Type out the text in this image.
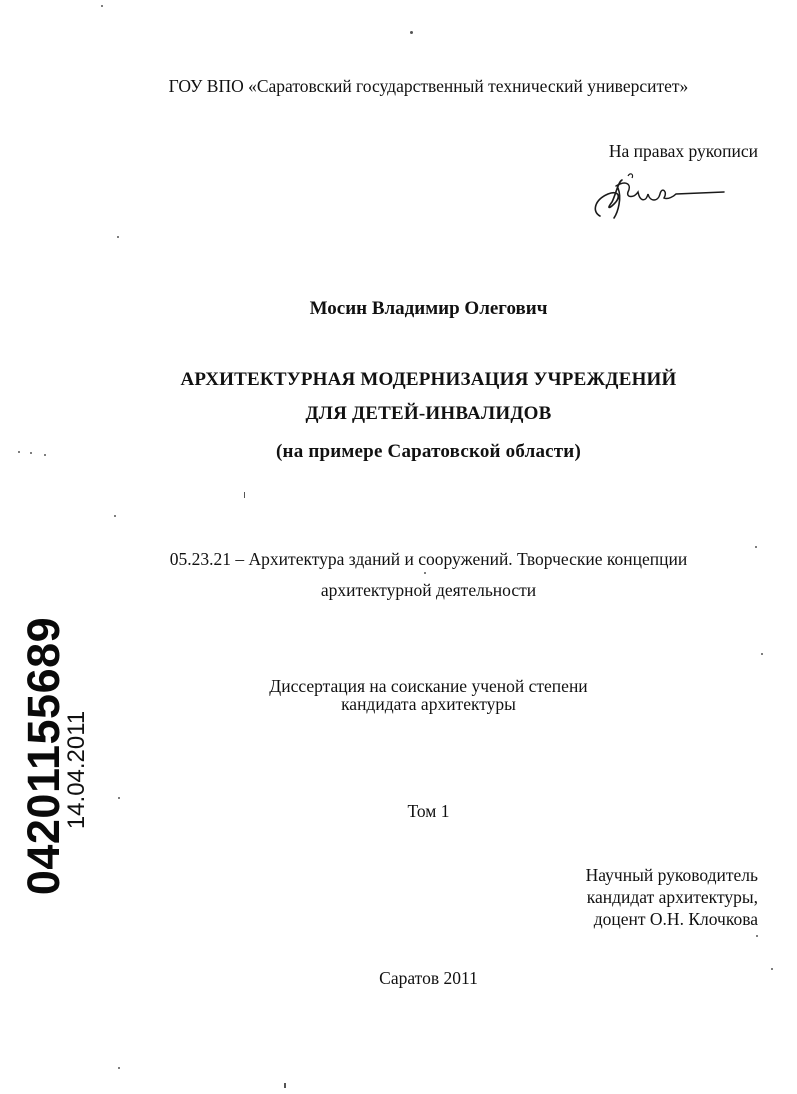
ГОУ ВПО «Саратовский государственный технический университет»
На правах рукописи
Мосин Владимир Олегович
АРХИТЕКТУРНАЯ МОДЕРНИЗАЦИЯ УЧРЕЖДЕНИЙ
ДЛЯ ДЕТЕЙ-ИНВАЛИДОВ
(на примере Саратовской области)
05.23.21 – Архитектура зданий и сооружений. Творческие концепции
архитектурной деятельности
Диссертация на соискание ученой степени
кандидата архитектуры
Том 1
Научный руководитель
кандидат архитектуры,
доцент О.Н. Клочкова
Саратов 2011
04201155689
14.04.2011
